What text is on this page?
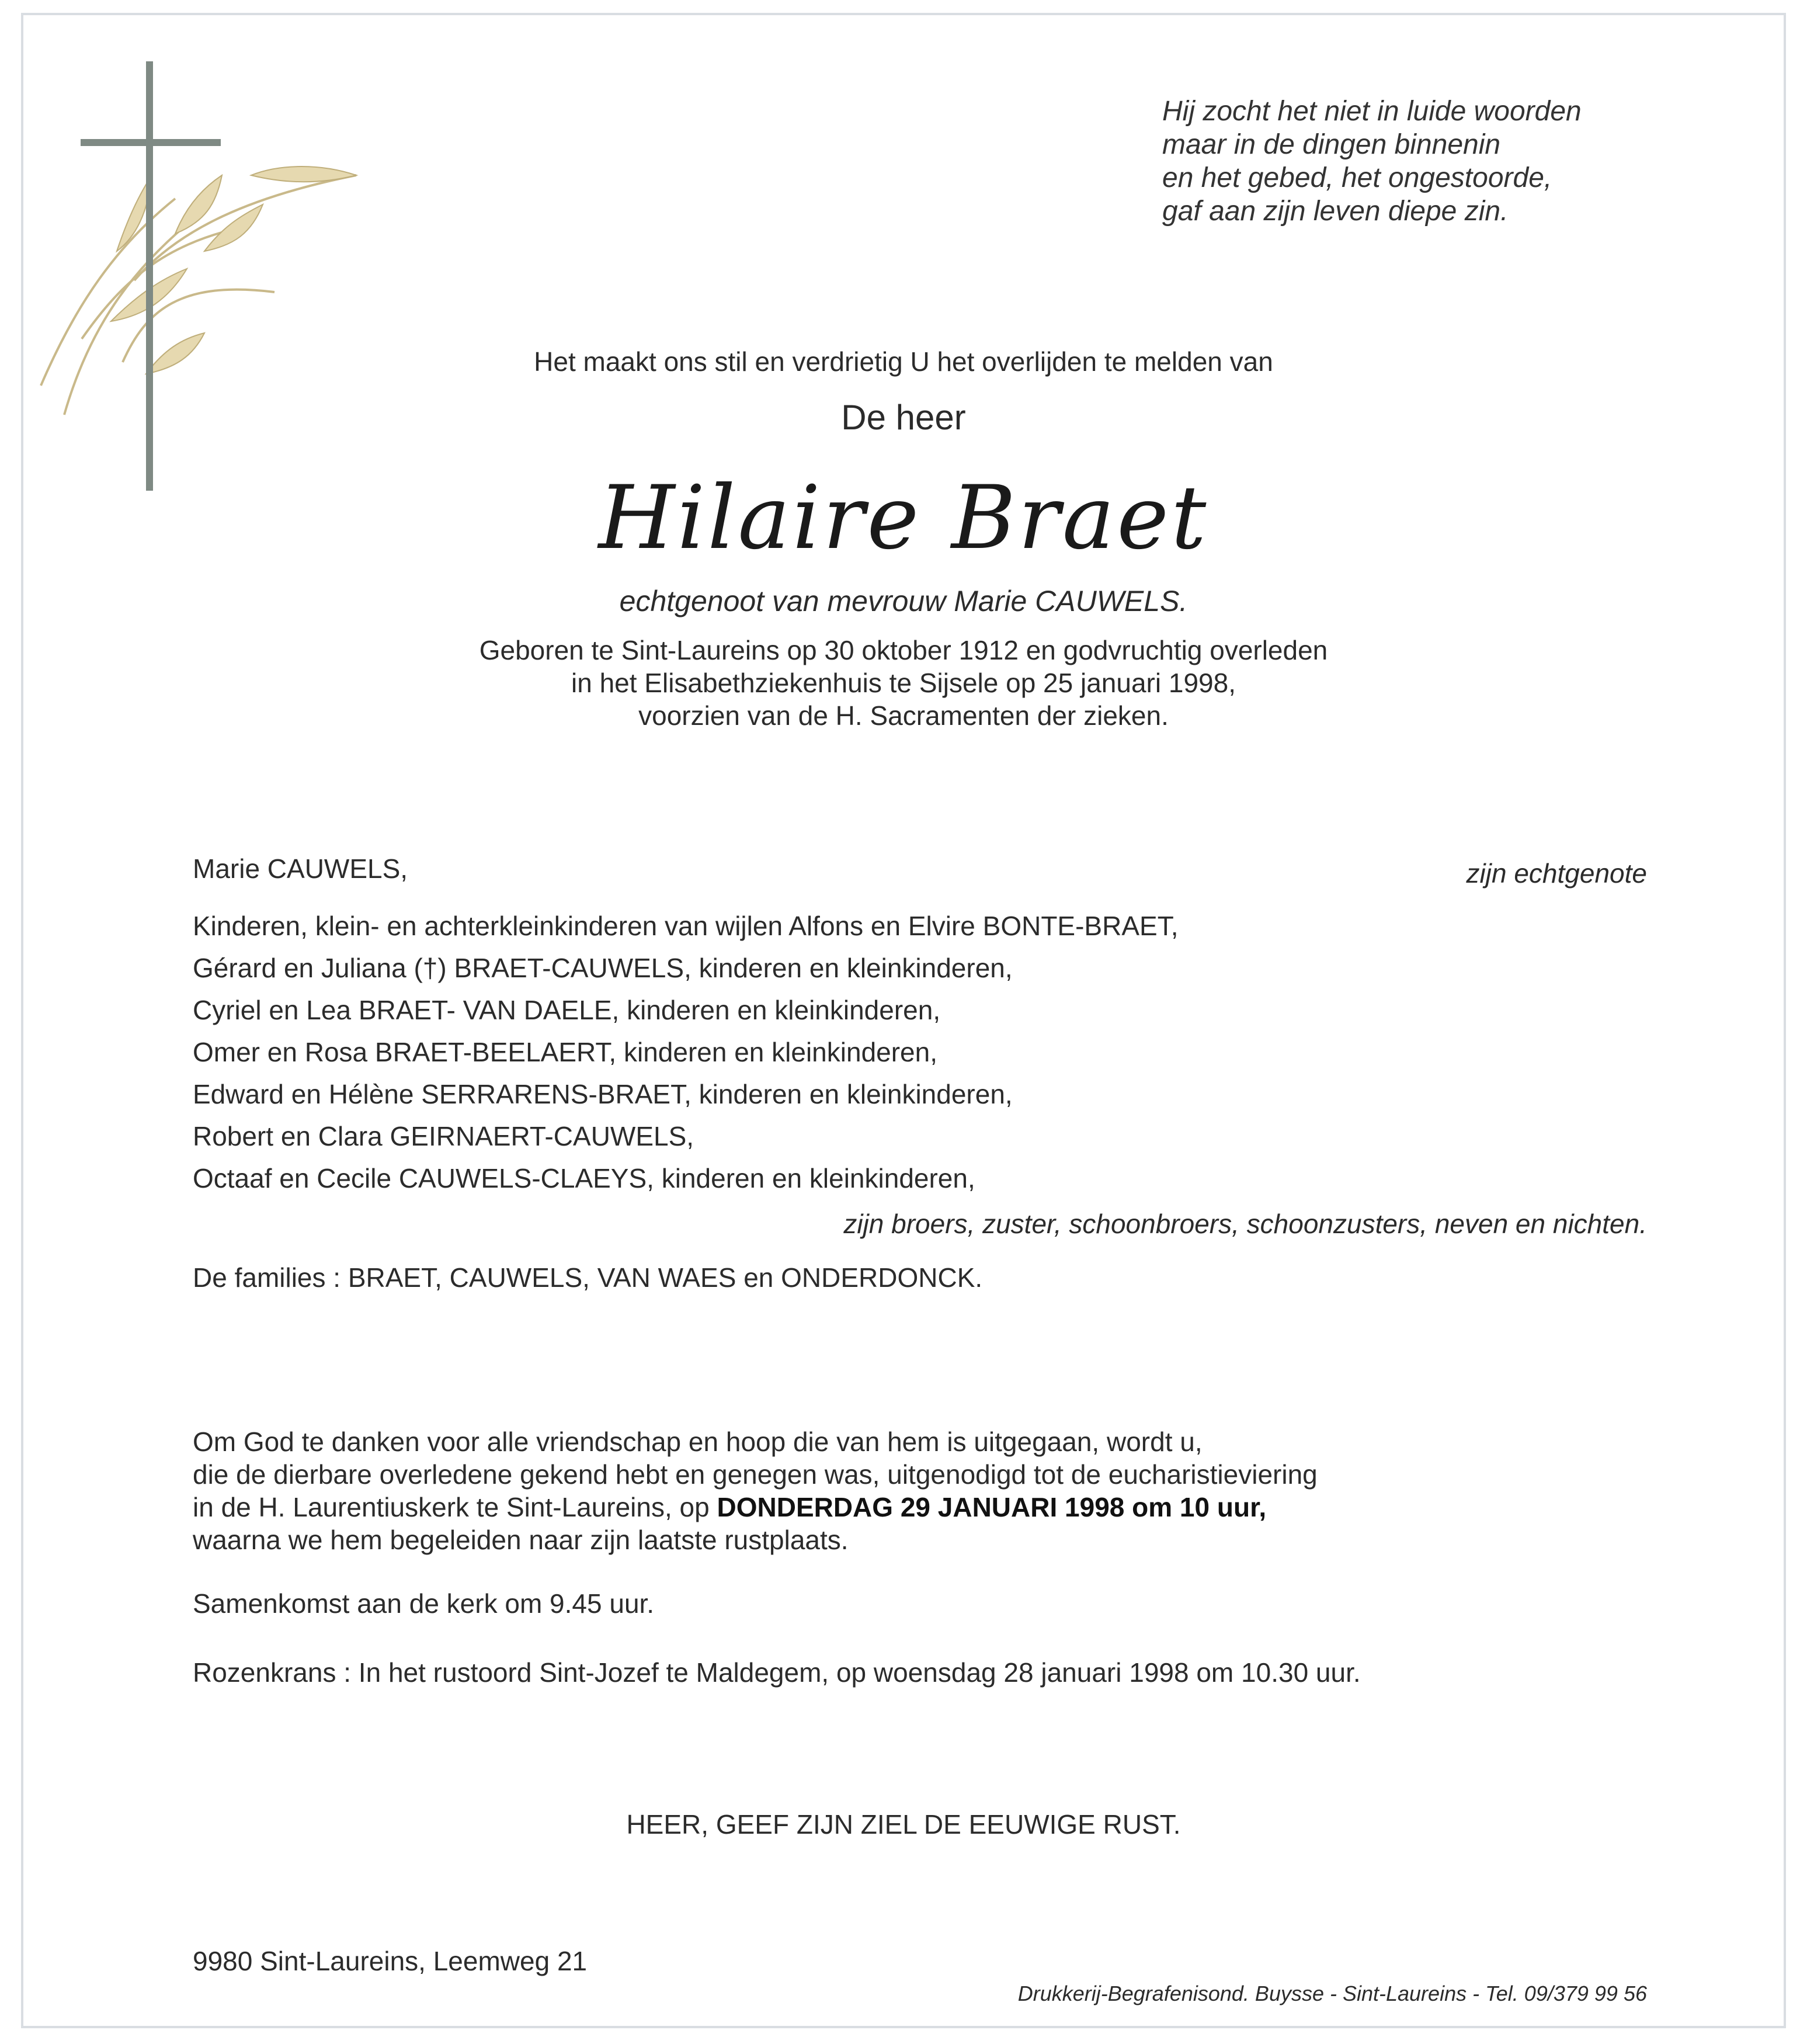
Hij zocht het niet in luide woorden
maar in de dingen binnenin
en het gebed, het ongestoorde,
gaf aan zijn leven diepe zin.
Het maakt ons stil en verdrietig U het overlijden te melden van
De heer
Hilaire Braet
echtgenoot van mevrouw Marie CAUWELS.
Geboren te Sint-Laureins op 30 oktober 1912 en godvruchtig overleden
in het Elisabethziekenhuis te Sijsele op 25 januari 1998,
voorzien van de H. Sacramenten der zieken.
Marie CAUWELS,	zijn echtgenote
Kinderen, klein- en achterkleinkinderen van wijlen Alfons en Elvire BONTE-BRAET,
Gérard en Juliana (†) BRAET-CAUWELS, kinderen en kleinkinderen,
Cyriel en Lea BRAET- VAN DAELE, kinderen en kleinkinderen,
Omer en Rosa BRAET-BEELAERT, kinderen en kleinkinderen,
Edward en Hélène SERRARENS-BRAET, kinderen en kleinkinderen,
Robert en Clara GEIRNAERT-CAUWELS,
Octaaf en Cecile CAUWELS-CLAEYS, kinderen en kleinkinderen,
zijn broers, zuster, schoonbroers, schoonzusters, neven en nichten.
De families : BRAET, CAUWELS, VAN WAES en ONDERDONCK.
Om God te danken voor alle vriendschap en hoop die van hem is uitgegaan, wordt u,
die de dierbare overledene gekend hebt en genegen was, uitgenodigd tot de eucharistieviering
in de H. Laurentiuskerk te Sint-Laureins, op DONDERDAG 29 JANUARI 1998 om 10 uur,
waarna we hem begeleiden naar zijn laatste rustplaats.
Samenkomst aan de kerk om 9.45 uur.
Rozenkrans : In het rustoord Sint-Jozef te Maldegem, op woensdag 28 januari 1998 om 10.30 uur.
HEER, GEEF ZIJN ZIEL DE EEUWIGE RUST.
9980 Sint-Laureins, Leemweg 21
Drukkerij-Begrafenisond. Buysse - Sint-Laureins - Tel. 09/379 99 56
